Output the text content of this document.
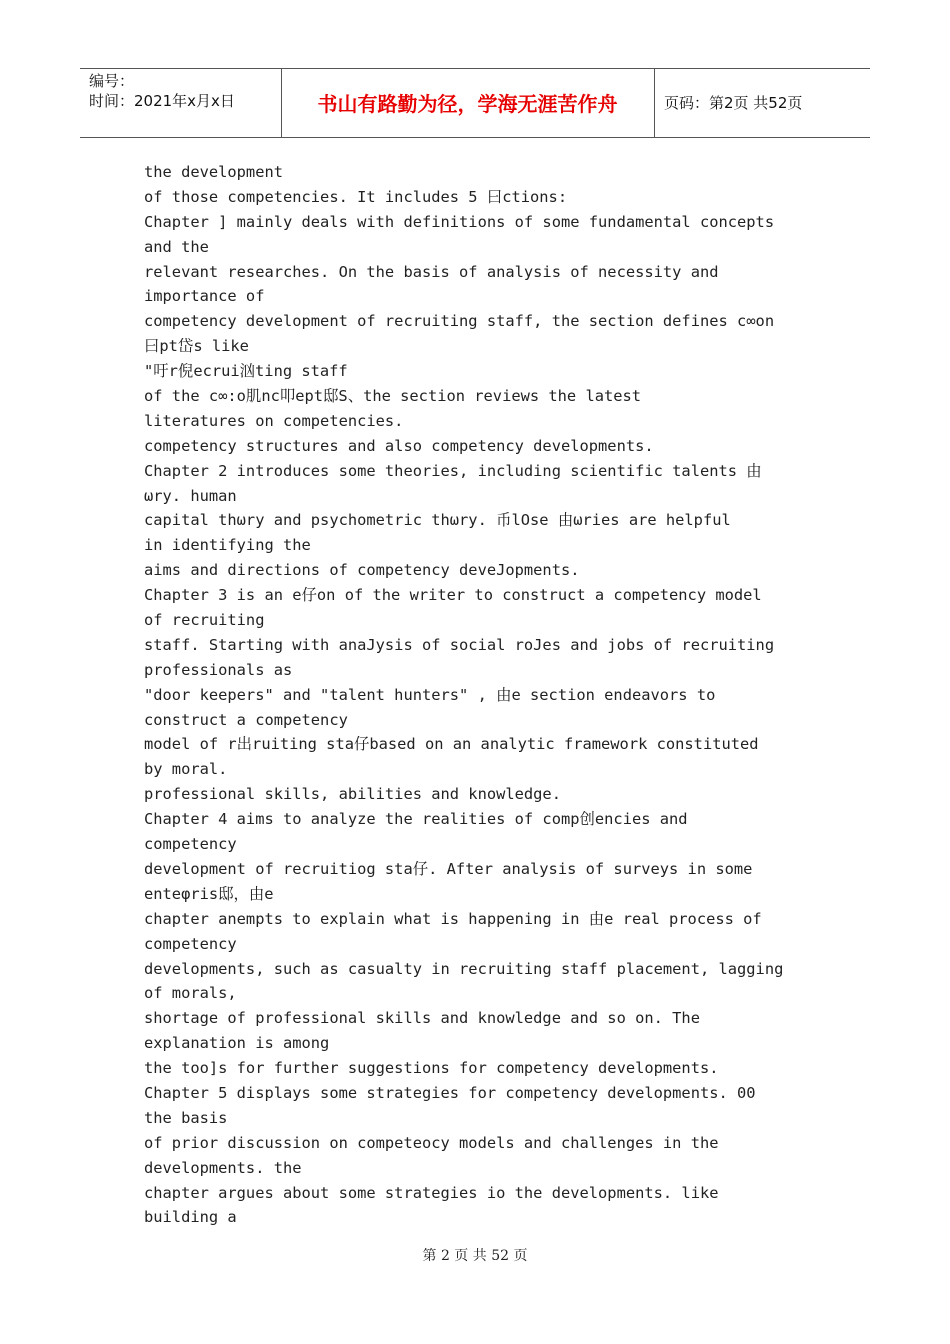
编号：
时间：2021年x月x日	书山有路勤为径，学海无涯苦作舟	页码：第2页 共52页
the development
of those competencies. It includes 5 曰ctions:
Chapter ] mainly deals with definitions of some fundamental concepts
and the
relevant researches. On the basis of analysis of necessity and
importance of
competency development of recruiting staff, the section defines c∞on
曰pt岱s like
"吁r倪ecrui汹ting staff
of the c∞:o肌nc叩ept邸S、the section reviews the latest
literatures on competencies.
competency structures and also competency developments.
Chapter 2 introduces some theories, including scientific talents 由
ωry. human
capital thωry and psychometric thωry. 币lOse 由ωries are helpful
in identifying the
aims and directions of competency deveJopments.
Chapter 3 is an e仔on of the writer to construct a competency model
of recruiting
staff. Starting with anaJysis of social roJes and jobs of recruiting
professionals as
"door keepers" and "talent hunters" , 由e section endeavors to
construct a competency
model of r出ruiting sta仔based on an analytic framework constituted
by moral.
professional skills, abilities and knowledge.
Chapter 4 aims to analyze the realities of comp创encies and
competency
development of recruitiog sta仔. After analysis of surveys in some
enteφris邸，由e
chapter anempts to explain what is happening in 由e real process of
competency
developments, such as casualty in recruiting staff placement, lagging
of morals,
shortage of professional skills and knowledge and so on. The
explanation is among
the too]s for further suggestions for competency developments.
Chapter 5 displays some strategies for competency developments. 00
the basis
of prior discussion on competeocy models and challenges in the
developments. the
chapter argues about some strategies io the developments. like
building a
第 2 页 共 52 页
